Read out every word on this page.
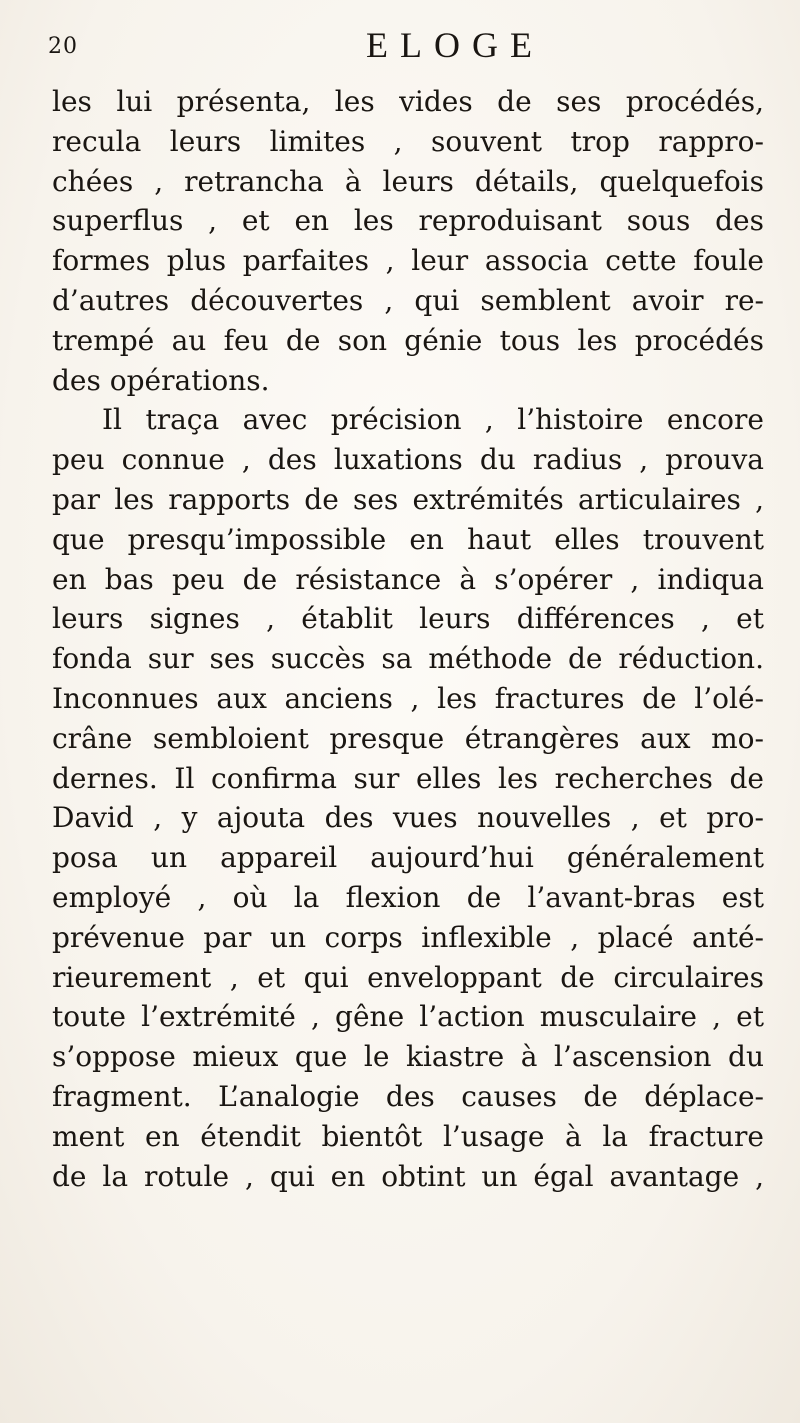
20	ELOGE
les lui présenta, les vides de ses procédés,
recula leurs limites , souvent trop rappro-
chées , retrancha à leurs détails, quelquefois
superflus , et en les reproduisant sous des
formes plus parfaites , leur associa cette foule
d’autres découvertes , qui semblent avoir re-
trempé au feu de son génie tous les procédés
des opérations.
Il traça avec précision , l’histoire encore
peu connue , des luxations du radius , prouva
par les rapports de ses extrémités articulaires ,
que presqu’impossible en haut elles trouvent
en bas peu de résistance à s’opérer , indiqua
leurs signes , établit leurs différences , et
fonda sur ses succès sa méthode de réduction.
Inconnues aux anciens , les fractures de l’olé-
crâne sembloient presque étrangères aux mo-
dernes. Il confirma sur elles les recherches de
David , y ajouta des vues nouvelles , et pro-
posa un appareil aujourd’hui généralement
employé , où la flexion de l’avant-bras est
prévenue par un corps inflexible , placé anté-
rieurement , et qui enveloppant de circulaires
toute l’extrémité , gêne l’action musculaire , et
s’oppose mieux que le kiastre à l’ascension du
fragment. L’analogie des causes de déplace-
ment en étendit bientôt l’usage à la fracture
de la rotule , qui en obtint un égal avantage ,
